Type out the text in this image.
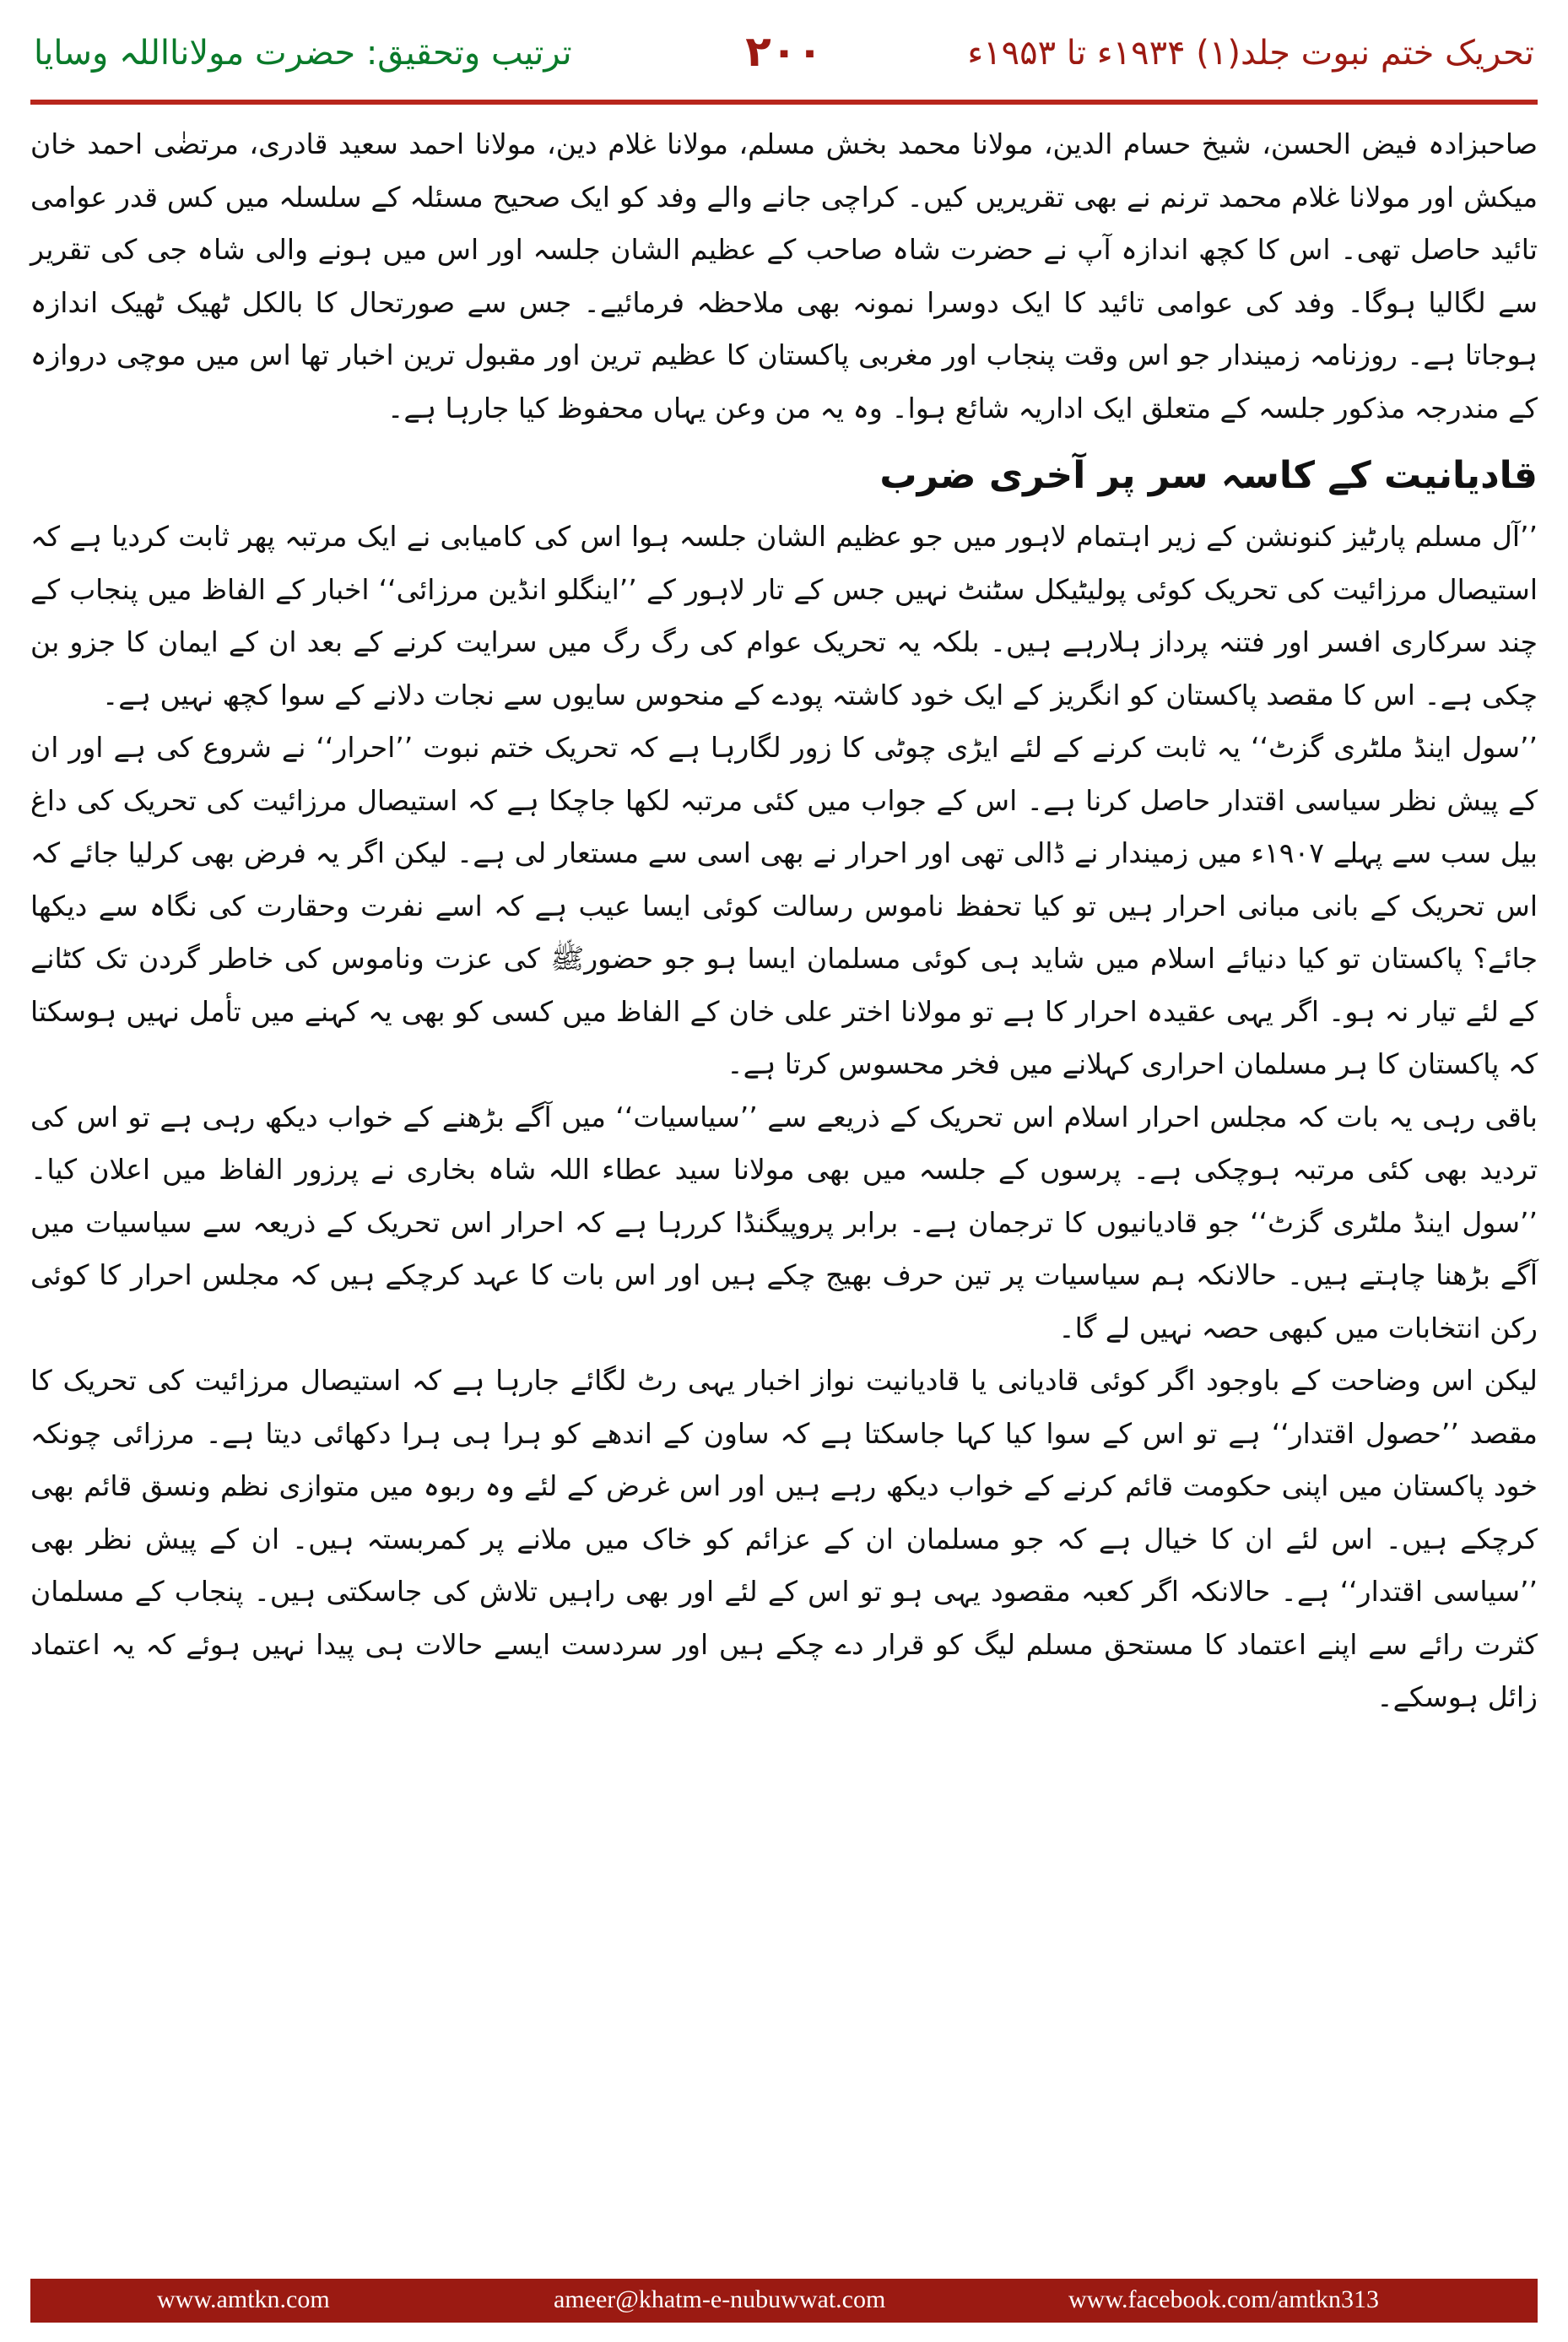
ترتیب وتحقیق: حضرت مولانااللہ وسایا	۲۰۰	تحریک ختم نبوت جلد(۱) ۱۹۳۴ء تا ۱۹۵۳ء

صاحبزادہ فیض الحسن، شیخ حسام الدین، مولانا محمد بخش مسلم، مولانا غلام دین، مولانا احمد سعید قادری، مرتضٰی احمد خان میکش اور مولانا غلام محمد ترنم نے بھی تقریریں کیں۔ کراچی جانے والے وفد کو ایک صحیح مسئلہ کے سلسلہ میں کس قدر عوامی تائید حاصل تھی۔ اس کا کچھ اندازہ آپ نے حضرت شاہ صاحب کے عظیم الشان جلسہ اور اس میں ہونے والی شاہ جی کی تقریر سے لگالیا ہوگا۔ وفد کی عوامی تائید کا ایک دوسرا نمونہ بھی ملاحظہ فرمائیے۔ جس سے صورتحال کا بالکل ٹھیک ٹھیک اندازہ ہوجاتا ہے۔ روزنامہ زمیندار جو اس وقت پنجاب اور مغربی پاکستان کا عظیم ترین اور مقبول ترین اخبار تھا اس میں موچی دروازہ کے مندرجہ مذکور جلسہ کے متعلق ایک اداریہ شائع ہوا۔ وہ یہ من وعن یہاں محفوظ کیا جارہا ہے۔

قادیانیت کے کاسہ سر پر آخری ضرب

’’آل مسلم پارٹیز کنونشن کے زیر اہتمام لاہور میں جو عظیم الشان جلسہ ہوا اس کی کامیابی نے ایک مرتبہ پھر ثابت کردیا ہے کہ استیصال مرزائیت کی تحریک کوئی پولیٹیکل سٹنٹ نہیں جس کے تار لاہور کے ’’اینگلو انڈین مرزائی‘‘ اخبار کے الفاظ میں پنجاب کے چند سرکاری افسر اور فتنہ پرداز ہلارہے ہیں۔ بلکہ یہ تحریک عوام کی رگ رگ میں سرایت کرنے کے بعد ان کے ایمان کا جزو بن چکی ہے۔ اس کا مقصد پاکستان کو انگریز کے ایک خود کاشتہ پودے کے منحوس سایوں سے نجات دلانے کے سوا کچھ نہیں ہے۔

’’سول اینڈ ملٹری گزٹ‘‘ یہ ثابت کرنے کے لئے ایڑی چوٹی کا زور لگارہا ہے کہ تحریک ختم نبوت ’’احرار‘‘ نے شروع کی ہے اور ان کے پیش نظر سیاسی اقتدار حاصل کرنا ہے۔ اس کے جواب میں کئی مرتبہ لکھا جاچکا ہے کہ استیصال مرزائیت کی تحریک کی داغ بیل سب سے پہلے ۱۹۰۷ء میں زمیندار نے ڈالی تھی اور احرار نے بھی اسی سے مستعار لی ہے۔ لیکن اگر یہ فرض بھی کرلیا جائے کہ اس تحریک کے بانی مبانی احرار ہیں تو کیا تحفظ ناموس رسالت کوئی ایسا عیب ہے کہ اسے نفرت وحقارت کی نگاہ سے دیکھا جائے؟ پاکستان تو کیا دنیائے اسلام میں شاید ہی کوئی مسلمان ایسا ہو جو حضورﷺ کی عزت وناموس کی خاطر گردن تک کٹانے کے لئے تیار نہ ہو۔ اگر یہی عقیدہ احرار کا ہے تو مولانا اختر علی خان کے الفاظ میں کسی کو بھی یہ کہنے میں تأمل نہیں ہوسکتا کہ پاکستان کا ہر مسلمان احراری کہلانے میں فخر محسوس کرتا ہے۔

باقی رہی یہ بات کہ مجلس احرار اسلام اس تحریک کے ذریعے سے ’’سیاسیات‘‘ میں آگے بڑھنے کے خواب دیکھ رہی ہے تو اس کی تردید بھی کئی مرتبہ ہوچکی ہے۔ پرسوں کے جلسہ میں بھی مولانا سید عطاء اللہ شاہ بخاری نے پرزور الفاظ میں اعلان کیا۔ ’’سول اینڈ ملٹری گزٹ‘‘ جو قادیانیوں کا ترجمان ہے۔ برابر پروپیگنڈا کررہا ہے کہ احرار اس تحریک کے ذریعہ سے سیاسیات میں آگے بڑھنا چاہتے ہیں۔ حالانکہ ہم سیاسیات پر تین حرف بھیج چکے ہیں اور اس بات کا عہد کرچکے ہیں کہ مجلس احرار کا کوئی رکن انتخابات میں کبھی حصہ نہیں لے گا۔

لیکن اس وضاحت کے باوجود اگر کوئی قادیانی یا قادیانیت نواز اخبار یہی رٹ لگائے جارہا ہے کہ استیصال مرزائیت کی تحریک کا مقصد ’’حصول اقتدار‘‘ ہے تو اس کے سوا کیا کہا جاسکتا ہے کہ ساون کے اندھے کو ہرا ہی ہرا دکھائی دیتا ہے۔ مرزائی چونکہ خود پاکستان میں اپنی حکومت قائم کرنے کے خواب دیکھ رہے ہیں اور اس غرض کے لئے وہ ربوہ میں متوازی نظم ونسق قائم بھی کرچکے ہیں۔ اس لئے ان کا خیال ہے کہ جو مسلمان ان کے عزائم کو خاک میں ملانے پر کمربستہ ہیں۔ ان کے پیش نظر بھی ’’سیاسی اقتدار‘‘ ہے۔ حالانکہ اگر کعبہ مقصود یہی ہو تو اس کے لئے اور بھی راہیں تلاش کی جاسکتی ہیں۔ پنجاب کے مسلمان کثرت رائے سے اپنے اعتماد کا مستحق مسلم لیگ کو قرار دے چکے ہیں اور سردست ایسے حالات ہی پیدا نہیں ہوئے کہ یہ اعتماد زائل ہوسکے۔

www.amtkn.com	ameer@khatm-e-nubuwwat.com	www.facebook.com/amtkn313
